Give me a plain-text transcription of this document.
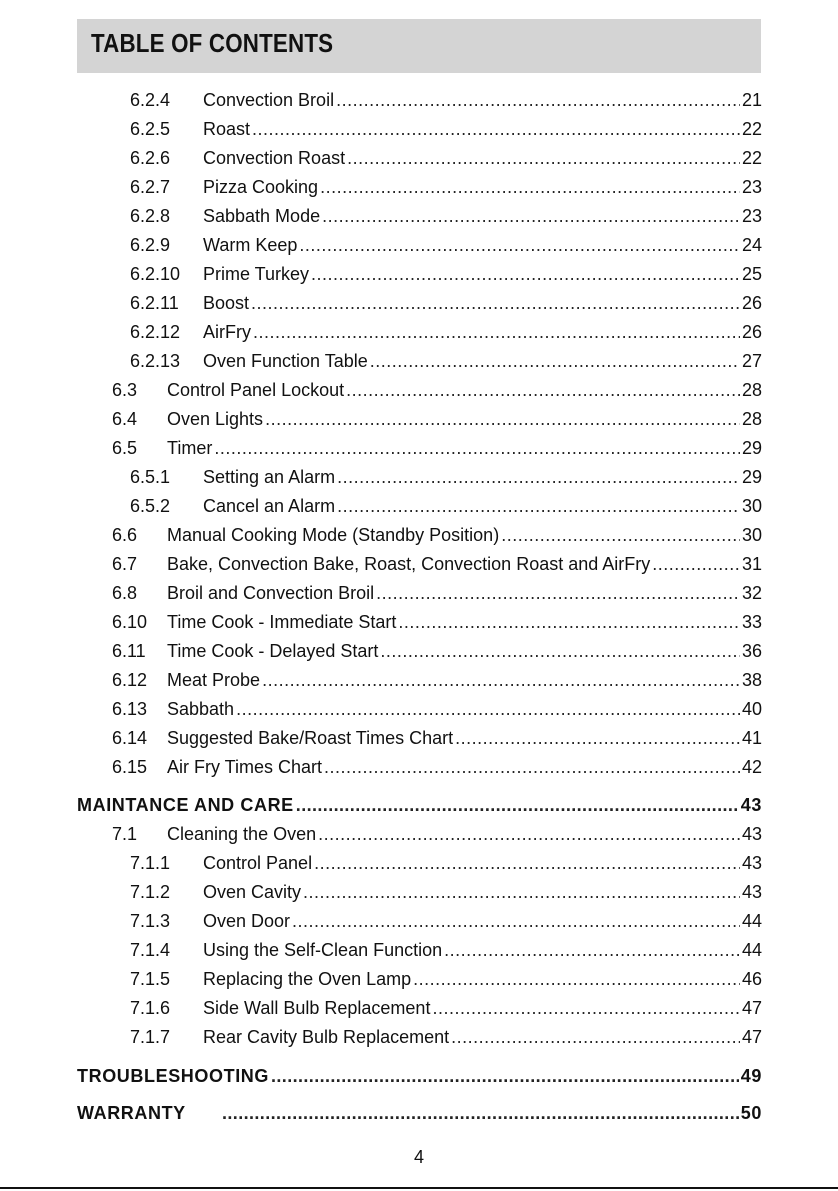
TABLE OF CONTENTS
6.2.4	Convection Broil .....	21
6.2.5	Roast .....	22
6.2.6	Convection Roast .....	22
6.2.7	Pizza Cooking .....	23
6.2.8	Sabbath Mode .....	23
6.2.9	Warm Keep .....	24
6.2.10	Prime Turkey .....	25
6.2.11	Boost .....	26
6.2.12	AirFry .....	26
6.2.13	Oven Function Table .....	27
6.3	Control Panel Lockout .....	28
6.4	Oven Lights .....	28
6.5	Timer .....	29
6.5.1	Setting an Alarm .....	29
6.5.2	Cancel an Alarm .....	30
6.6	Manual Cooking Mode (Standby Position) .....	30
6.7	Bake, Convection Bake, Roast, Convection Roast and AirFry .....	31
6.8	Broil and Convection Broil .....	32
6.10	Time Cook - Immediate Start .....	33
6.11	Time Cook - Delayed Start .....	36
6.12	Meat Probe .....	38
6.13	Sabbath .....	40
6.14	Suggested Bake/Roast Times Chart .....	41
6.15	Air Fry Times Chart .....	42
MAINTANCE AND CARE .....	43
7.1	Cleaning the Oven .....	43
7.1.1	Control Panel .....	43
7.1.2	Oven Cavity .....	43
7.1.3	Oven Door .....	44
7.1.4	Using the Self-Clean Function .....	44
7.1.5	Replacing the Oven Lamp .....	46
7.1.6	Side Wall Bulb Replacement .....	47
7.1.7	Rear Cavity Bulb Replacement .....	47
TROUBLESHOOTING .....	49
WARRANTY .....	50
4
